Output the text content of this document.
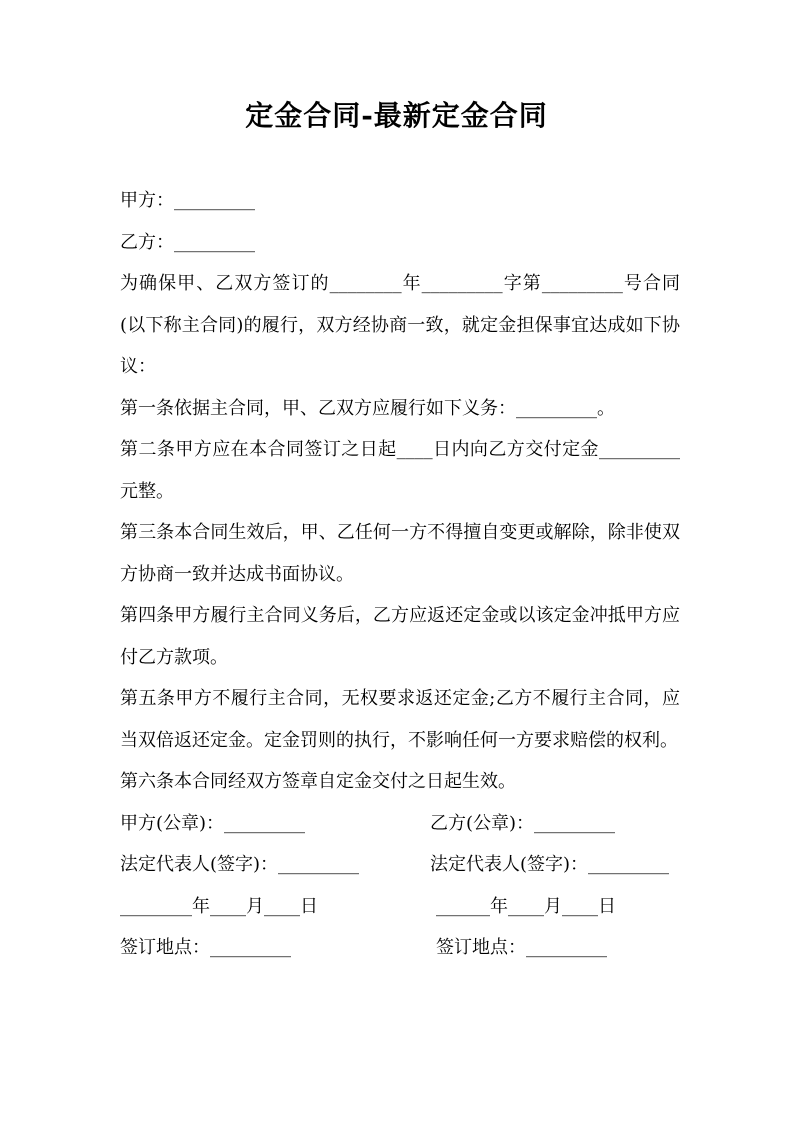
定金合同-最新定金合同

甲方：_________

乙方：_________

为确保甲、乙双方签订的________年_________字第_________号合同(以下称主合同)的履行，双方经协商一致，就定金担保事宜达成如下协议：

第一条依据主合同，甲、乙双方应履行如下义务：_________。

第二条甲方应在本合同签订之日起____日内向乙方交付定金_________元整。

第三条本合同生效后，甲、乙任何一方不得擅自变更或解除，除非使双方协商一致并达成书面协议。

第四条甲方履行主合同义务后，乙方应返还定金或以该定金冲抵甲方应付乙方款项。

第五条甲方不履行主合同，无权要求返还定金;乙方不履行主合同，应当双倍返还定金。定金罚则的执行，不影响任何一方要求赔偿的权利。

第六条本合同经双方签章自定金交付之日起生效。

甲方(公章)：_________	乙方(公章)：_________
法定代表人(签字)：_________	法定代表人(签字)：_________
________年____月____日	______年____月____日
签订地点：_________	签订地点：_________
